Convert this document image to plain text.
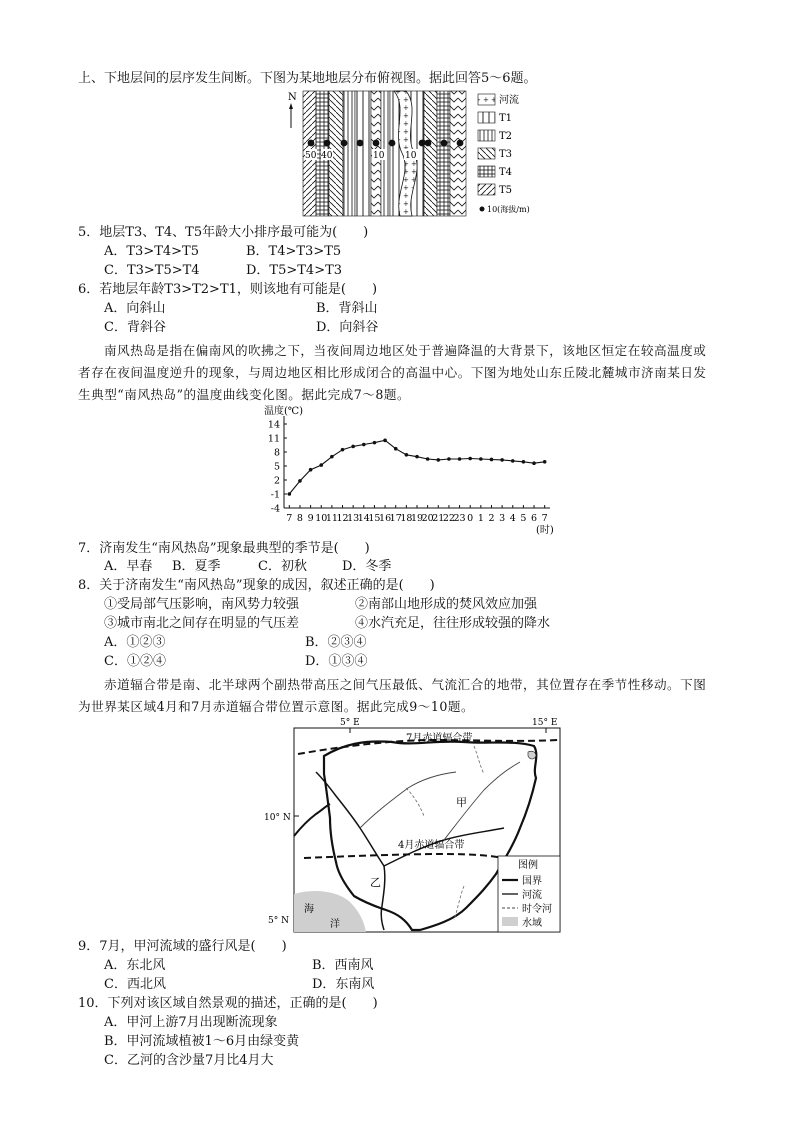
上、下地层间的层序发生间断。下图为某地地层分布俯视图。据此回答5～6题。
N
50 40	10 10
河流
T1
T2
T3
T4
T5
10(海拔/m)
5．地层T3、T4、T5年龄大小排序最可能为(　　)
A．T3>T4>T5	B．T4>T3>T5
C．T3>T5>T4	D．T5>T4>T3
6．若地层年龄T3>T2>T1，则该地有可能是(　　)
A．向斜山	B．背斜山
C．背斜谷	D．向斜谷
南风热岛是指在偏南风的吹拂之下，当夜间周边地区处于普遍降温的大背景下，该地区恒定在较高温度或者存在夜间温度逆升的现象，与周边地区相比形成闭合的高温中心。下图为地处山东丘陵北麓城市济南某日发生典型“南风热岛”的温度曲线变化图。据此完成7～8题。
温度(℃)
14
11
8
5
2
-1
-4
7 8 9 10
11
12
13
14
15
16
17
18
19
20
21
22
23 0 1 2 3 4 5 6 7
(时)
7．济南发生“南风热岛”现象最典型的季节是(　　)
A．早春 B．夏季	C．初秋	D．冬季
8．关于济南发生“南风热岛”现象的成因，叙述正确的是(　　)
①受局部气压影响，南风势力较强	②南部山地形成的焚风效应加强
③城市南北之间存在明显的气压差	④水汽充足，往往形成较强的降水
A．①②③	B．②③④
C．①②④	D．①③④
赤道辐合带是南、北半球两个副热带高压之间气压最低、气流汇合的地带，其位置存在季节性移动。下图为世界某区域4月和7月赤道辐合带位置示意图。据此完成9～10题。
5° E	15° E
10° N
5° N
海
洋
7月赤道辐合带
4月赤道辐合带
甲
乙
图例
国界
河流
时令河
水域
9．7月，甲河流域的盛行风是(　　)
A．东北风	B．西南风
C．西北风	D．东南风
10．下列对该区域自然景观的描述，正确的是(　　)
A．甲河上游7月出现断流现象
B．甲河流域植被1～6月由绿变黄
C．乙河的含沙量7月比4月大
